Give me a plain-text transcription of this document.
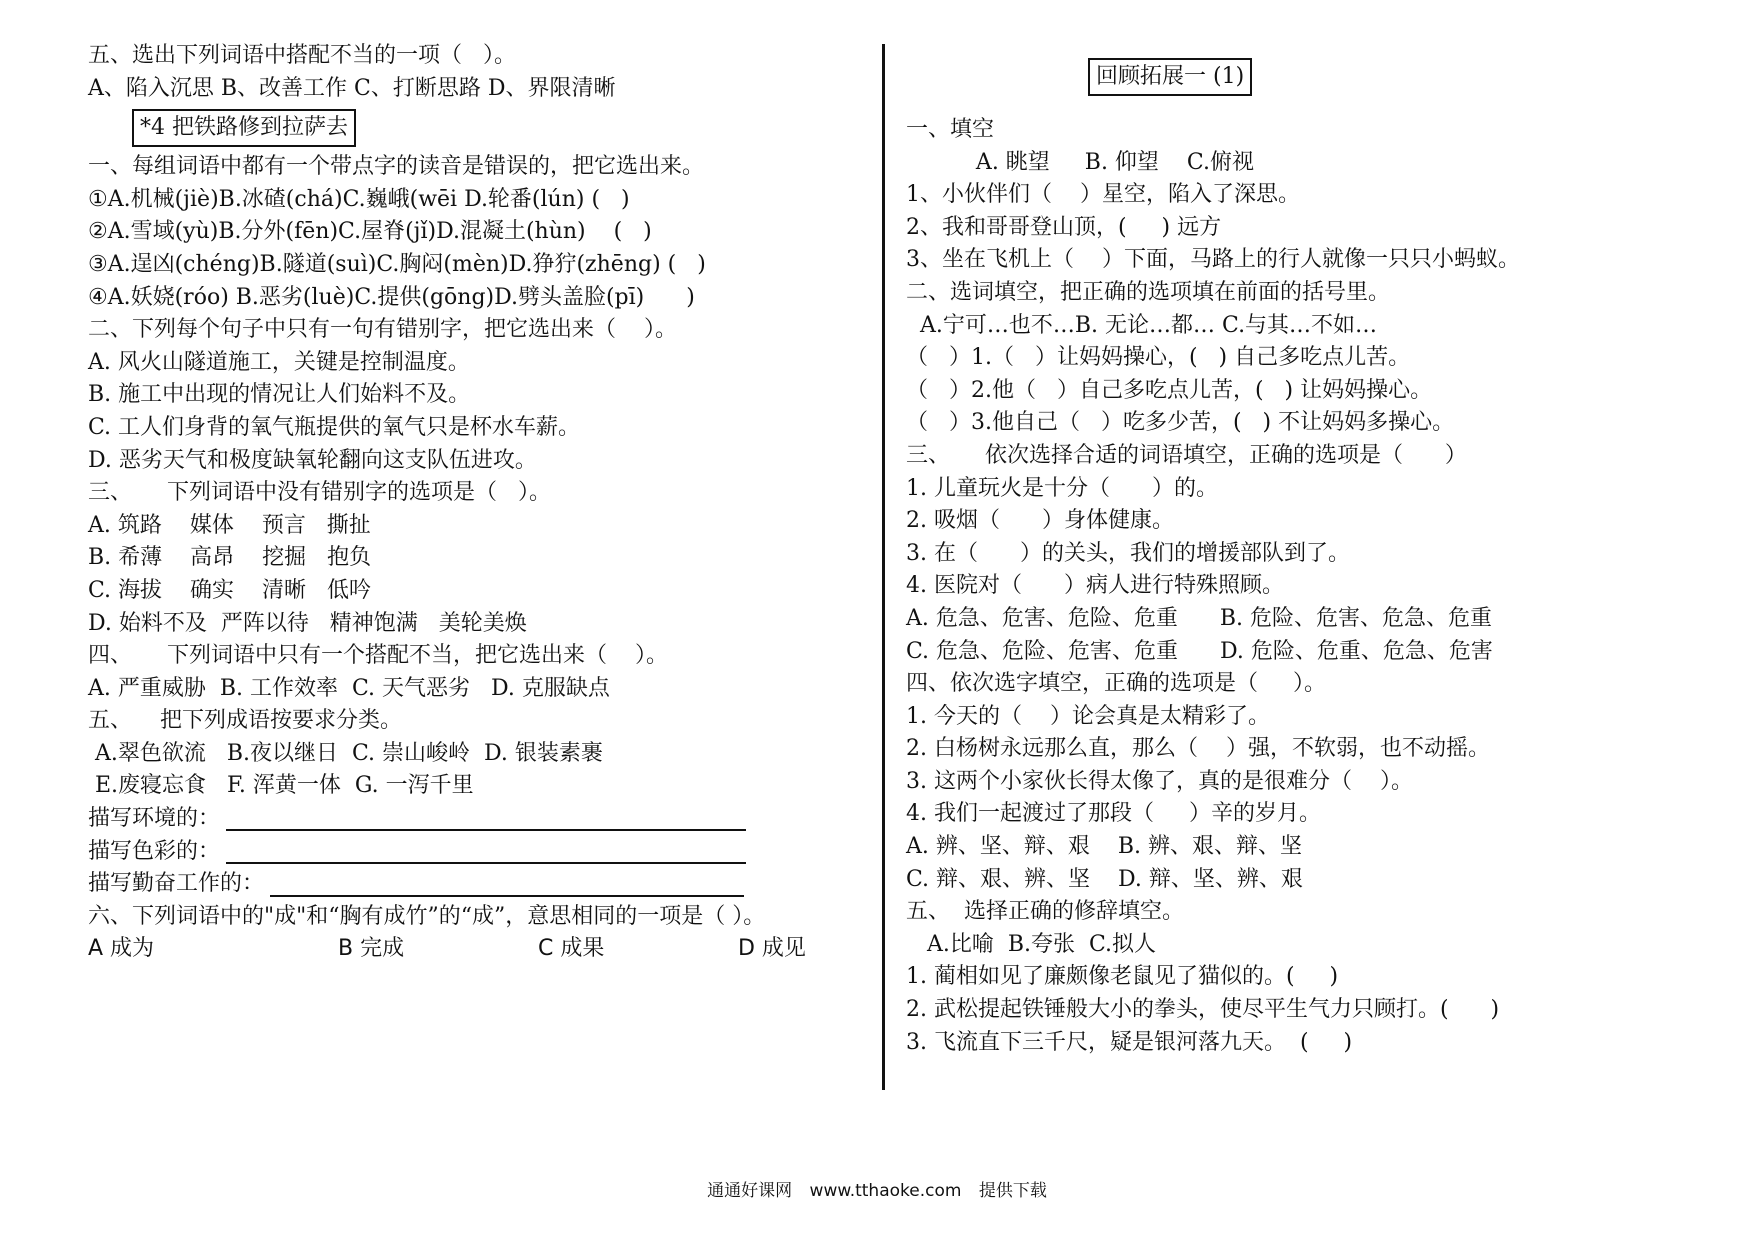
五、选出下列词语中搭配不当的一项（   ）。
A、陷入沉思 B、改善工作 C、打断思路 D、界限清晰
*4 把铁路修到拉萨去
一、每组词语中都有一个带点字的读音是错误的，把它选出来。
①A.机械(jiè)B.冰碴(chá)C.巍峨(wēi D.轮番(lún) (   )
②A.雪域(yù)B.分外(fēn)C.屋脊(jǐ)D.混凝土(hùn)    (   )
③A.逞凶(chéng)B.隧道(suì)C.胸闷(mèn)D.狰狞(zhēng) (   )
④A.妖娆(róo) B.恶劣(luè)C.提供(gōng)D.劈头盖脸(pī)      )
二、下列每个句子中只有一句有错别字，把它选出来（    ）。
A. 风火山隧道施工，关键是控制温度。
B. 施工中出现的情况让人们始料不及。
C. 工人们身背的氧气瓶提供的氧气只是杯水车薪。
D. 恶劣天气和极度缺氧轮翻向这支队伍进攻。
三、     下列词语中没有错别字的选项是（   ）。
A. 筑路    媒体    预言   撕扯
B. 希薄    高昂    挖掘   抱负
C. 海拔    确实    清晰   低吟
D. 始料不及  严阵以待   精神饱满   美轮美焕
四、     下列词语中只有一个搭配不当，把它选出来（    ）。
A. 严重威胁  B. 工作效率  C. 天气恶劣   D. 克服缺点
五、    把下列成语按要求分类。
A.翠色欲流   B.夜以继日  C. 崇山峻岭  D. 银装素裹
E.废寝忘食   F. 浑黄一体  G. 一泻千里
描写环境的：
描写色彩的：
描写勤奋工作的：
六、下列词语中的"成"和“胸有成竹”的“成”，意思相同的一项是（ ）。
A 成为	B 完成	C 成果	D 成见
回顾拓展一 (1)
一、填空
A. 眺望     B. 仰望    C.俯视
1、小伙伴们（    ）星空，陷入了深思。
2、我和哥哥登山顶，(     ) 远方
3、坐在飞机上（    ）下面，马路上的行人就像一只只小蚂蚁。
二、选词填空，把正确的选项填在前面的括号里。
A.宁可…也不…B. 无论…都… C.与其…不如…
（   ）1.（   ）让妈妈操心，(   ) 自己多吃点儿苦。
（   ）2.他（   ）自己多吃点儿苦，(   ) 让妈妈操心。
（   ）3.他自己（   ）吃多少苦，(   ) 不让妈妈多操心。
三、     依次选择合适的词语填空，正确的选项是（      ）
1. 儿童玩火是十分（      ）的。
2. 吸烟（      ）身体健康。
3. 在（      ）的关头，我们的增援部队到了。
4. 医院对（      ）病人进行特殊照顾。
A. 危急、危害、危险、危重      B. 危险、危害、危急、危重
C. 危急、危险、危害、危重      D. 危险、危重、危急、危害
四、依次选字填空，正确的选项是（     ）。
1. 今天的（    ）论会真是太精彩了。
2. 白杨树永远那么直，那么（    ）强，不软弱，也不动摇。
3. 这两个小家伙长得太像了，真的是很难分（    ）。
4. 我们一起渡过了那段（     ）辛的岁月。
A. 辨、坚、辩、艰    B. 辨、艰、辩、坚
C. 辩、艰、辨、坚    D. 辩、坚、辨、艰
五、  选择正确的修辞填空。
A.比喻  B.夸张  C.拟人
1. 蔺相如见了廉颇像老鼠见了猫似的。(     )
2. 武松提起铁锤般大小的拳头，使尽平生气力只顾打。(      )
3. 飞流直下三千尺，疑是银河落九天。  (     )
通通好课网 www.tthaoke.com 提供下载
